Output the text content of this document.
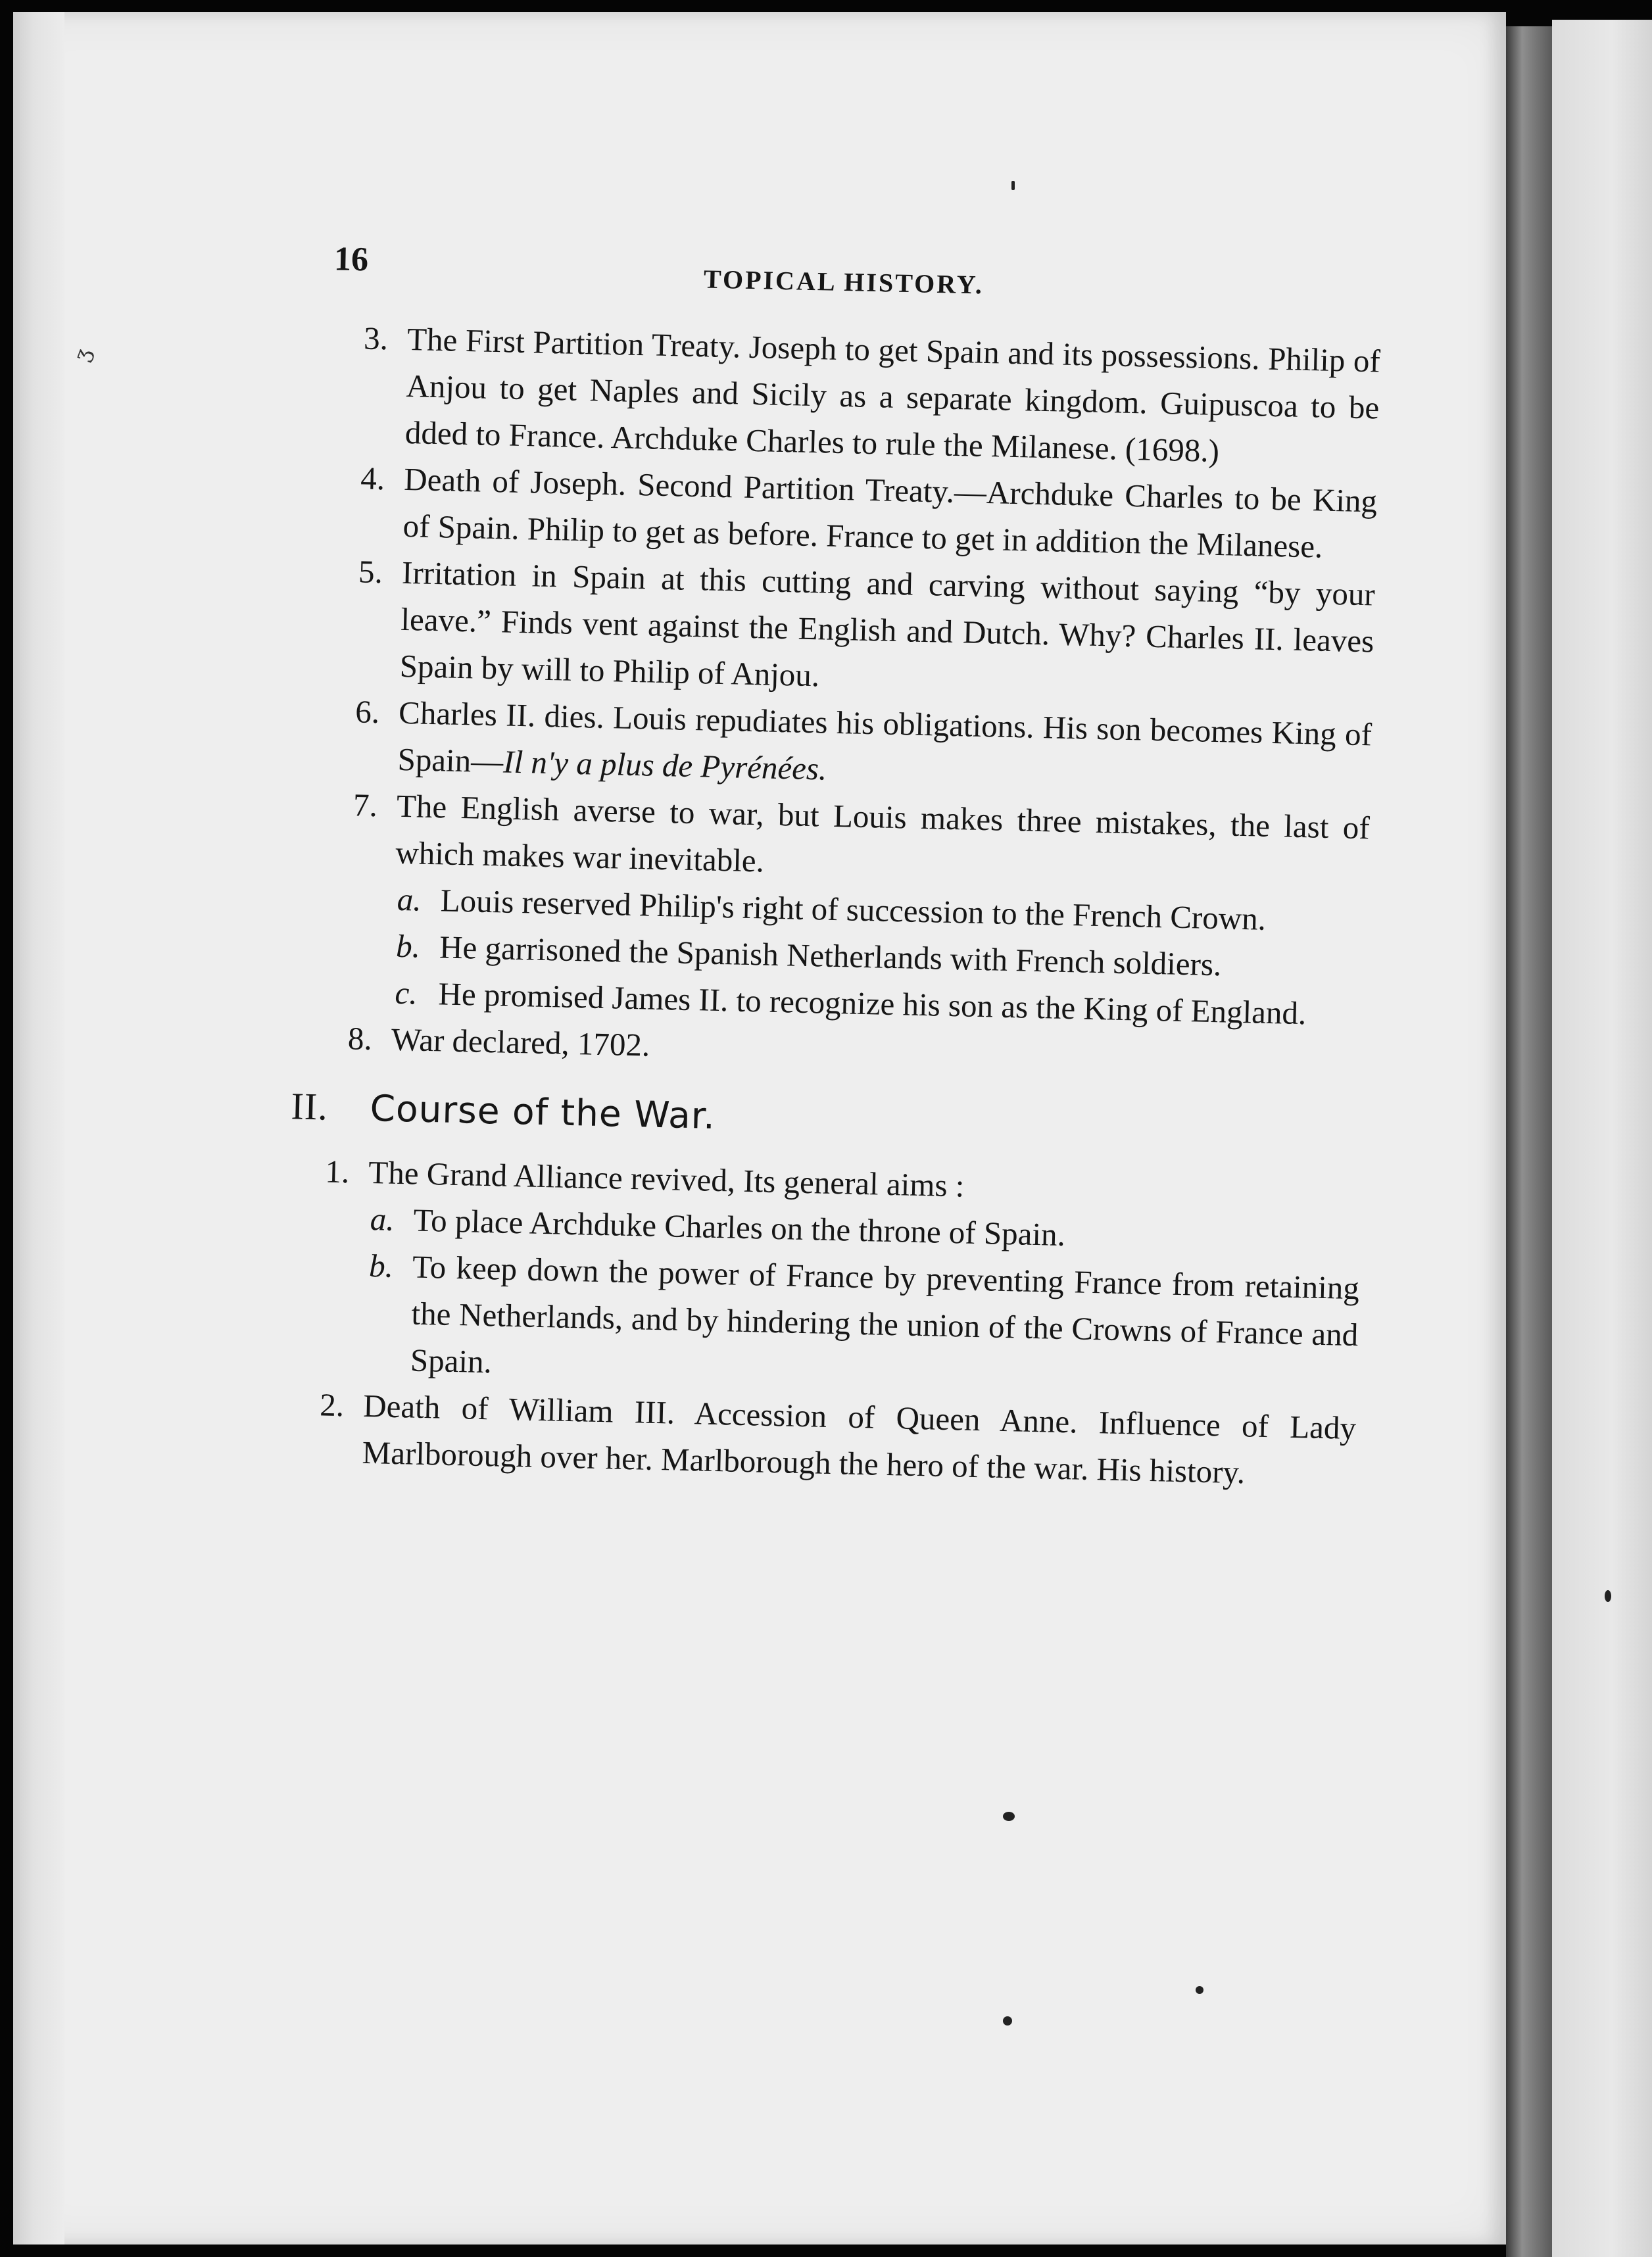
ʒ
16
TOPICAL HISTORY.

3. The First Partition Treaty. Joseph to get Spain and its possessions. Philip of Anjou to get Naples and Sicily as a separate kingdom. Guipuscoa to be dded to France. Archduke Charles to rule the Milanese. (1698.)

4. Death of Joseph. Second Partition Treaty.—Archduke Charles to be King of Spain. Philip to get as before. France to get in addition the Milanese.

5. Irritation in Spain at this cutting and carving without saying “by your leave.” Finds vent against the English and Dutch. Why? Charles II. leaves Spain by will to Philip of Anjou.

6. Charles II. dies. Louis repudiates his obligations. His son becomes King of Spain—Il n'y a plus de Pyrénées.

7. The English averse to war, but Louis makes three mistakes, the last of which makes war inevitable.

a. Louis reserved Philip's right of succession to the French Crown.

b. He garrisoned the Spanish Netherlands with French soldiers.

c. He promised James II. to recognize his son as the King of England.

8. War declared, 1702.

II. Course of the War.

1. The Grand Alliance revived, Its general aims :

a. To place Archduke Charles on the throne of Spain.

b. To keep down the power of France by preventing France from retaining the Netherlands, and by hindering the union of the Crowns of France and Spain.

2. Death of William III. Accession of Queen Anne. Influence of Lady Marlborough over her. Marlborough the hero of the war. His history.
